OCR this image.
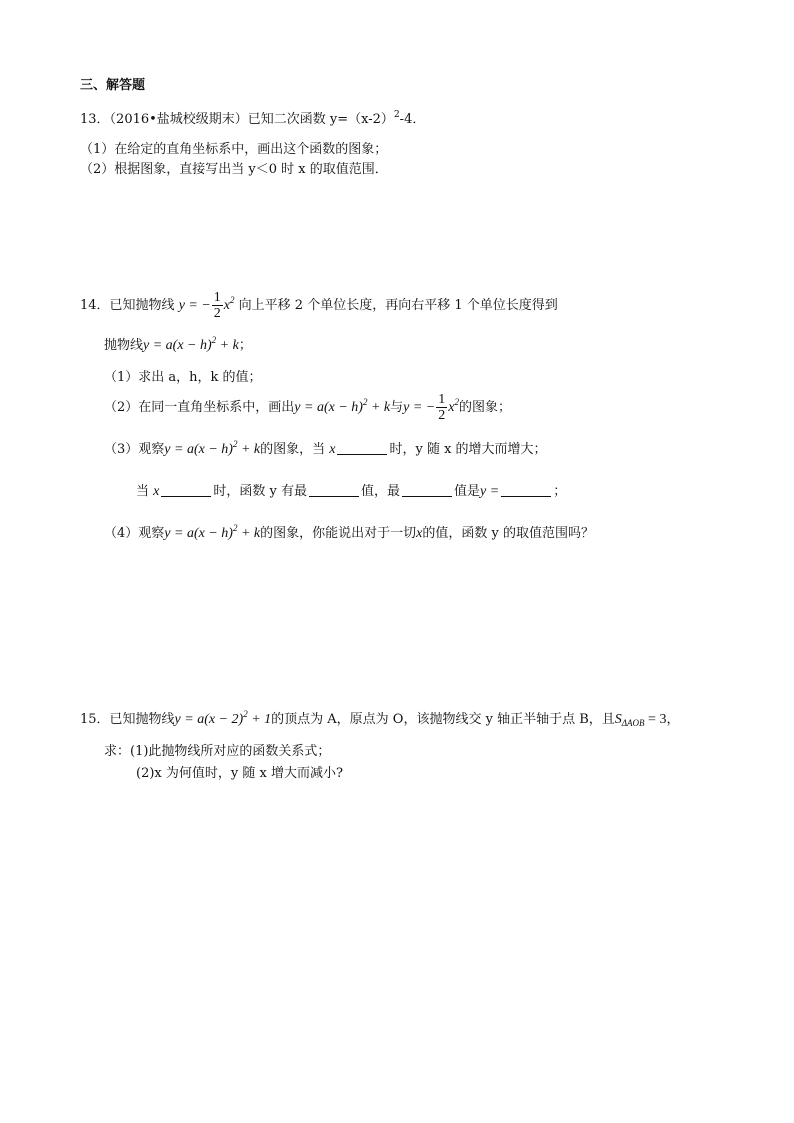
三、解答题
13．（2016•盐城校级期末）已知二次函数 $y=(x-2)^2-4$．
（1）在给定的直角坐标系中，画出这个函数的图象；
（2）根据图象，直接写出当 y＜0 时 x 的取值范围．
14．已知抛物线 y = − $\frac{1}{2} x^2$ 向上平移 2 个单位长度，再向右平移 1 个单位长度得到
抛物线$y = a(x - h)^2 + k$；
（1）求出 a，h，k 的值；
（2）在同一直角坐标系中，画出$y = a(x - h)^2 + k$与y = − $\frac{1}{2} x^2$的图象；
（3）观察$y = a(x - h)^2 + k$的图象，当 x	时，y 随 x 的增大而增大；
当 x	时，函数 y 有最	值，最	值是y =	；
（4）观察$y = a(x - h)^2 + k$的图象，你能说出对于一切x的值，函数 y 的取值范围吗？
15．已知抛物线$y = a(x - 2)^2 + 1$的顶点为 A，原点为 O，该抛物线交 y 轴正半轴于点 B，且$S_{\Delta AOB} = 3$，
求：(1)此抛物线所对应的函数关系式；
(2)x 为何值时，y 随 x 增大而减小?
